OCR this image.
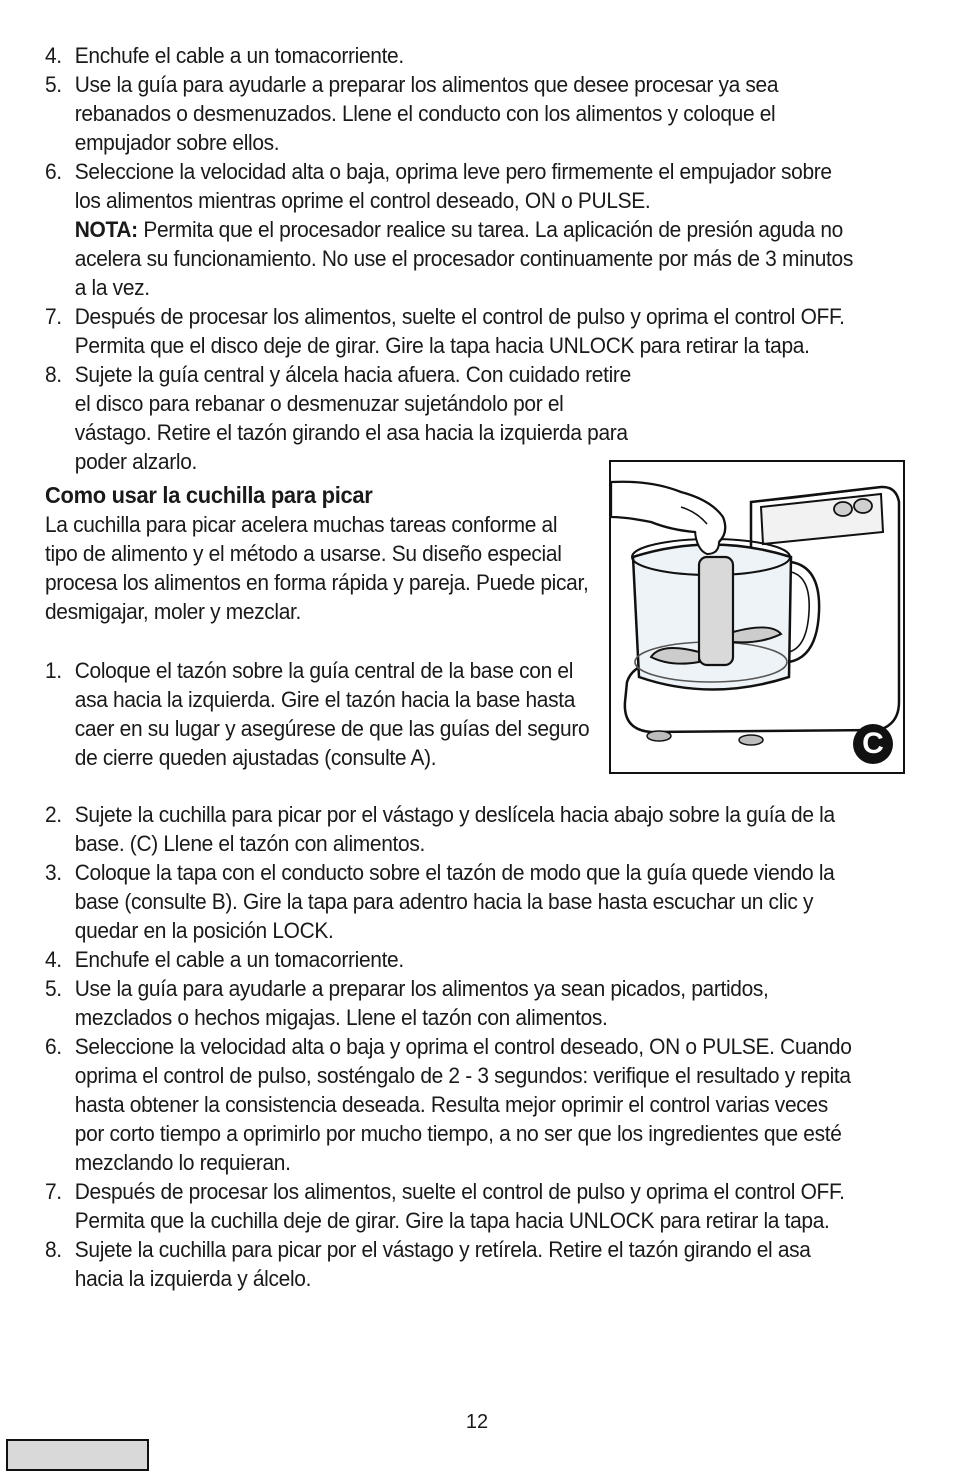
4. Enchufe el cable a un tomacorriente.
5. Use la guía para ayudarle a preparar los alimentos que desee procesar ya sea rebanados o desmenuzados. Llene el conducto con los alimentos y coloque el empujador sobre ellos.
6. Seleccione la velocidad alta o baja, oprima leve pero firmemente el empujador sobre los alimentos mientras oprime el control deseado, ON o PULSE.
NOTA: Permita que el procesador realice su tarea. La aplicación de presión aguda no acelera su funcionamiento. No use el procesador continuamente por más de 3 minutos a la vez.
7. Después de procesar los alimentos, suelte el control de pulso y oprima el control OFF. Permita que el disco deje de girar. Gire la tapa hacia UNLOCK para retirar la tapa.
8. Sujete la guía central y álcela hacia afuera. Con cuidado retire el disco para rebanar o desmenuzar sujetándolo por el vástago. Retire el tazón girando el asa hacia la izquierda para poder alzarlo.
Como usar la cuchilla para picar

La cuchilla para picar acelera muchas tareas conforme al tipo de alimento y el método a usarse. Su diseño especial procesa los alimentos en forma rápida y pareja. Puede picar, desmigajar, moler y mezclar.

1. Coloque el tazón sobre la guía central de la base con el asa hacia la izquierda. Gire el tazón hacia la base hasta caer en su lugar y asegúrese de que las guías del seguro de cierre queden ajustadas (consulte A).
2. Sujete la cuchilla para picar por el vástago y deslícela hacia abajo sobre la guía de la base. (C) Llene el tazón con alimentos.
3. Coloque la tapa con el conducto sobre el tazón de modo que la guía quede viendo la base (consulte B). Gire la tapa para adentro hacia la base hasta escuchar un clic y quedar en la posición LOCK.
4. Enchufe el cable a un tomacorriente.
5. Use la guía para ayudarle a preparar los alimentos ya sean picados, partidos, mezclados o hechos migajas. Llene el tazón con alimentos.
6. Seleccione la velocidad alta o baja y oprima el control deseado, ON o PULSE. Cuando oprima el control de pulso, sosténgalo de 2 - 3 segundos: verifique el resultado y repita hasta obtener la consistencia deseada. Resulta mejor oprimir el control varias veces por corto tiempo a oprimirlo por mucho tiempo, a no ser que los ingredientes que esté mezclando lo requieran.
7. Después de procesar los alimentos, suelte el control de pulso y oprima el control OFF. Permita que la cuchilla deje de girar. Gire la tapa hacia UNLOCK para retirar la tapa.
8. Sujete la cuchilla para picar por el vástago y retírela. Retire el tazón girando el asa hacia la izquierda y álcelo.
C
12
